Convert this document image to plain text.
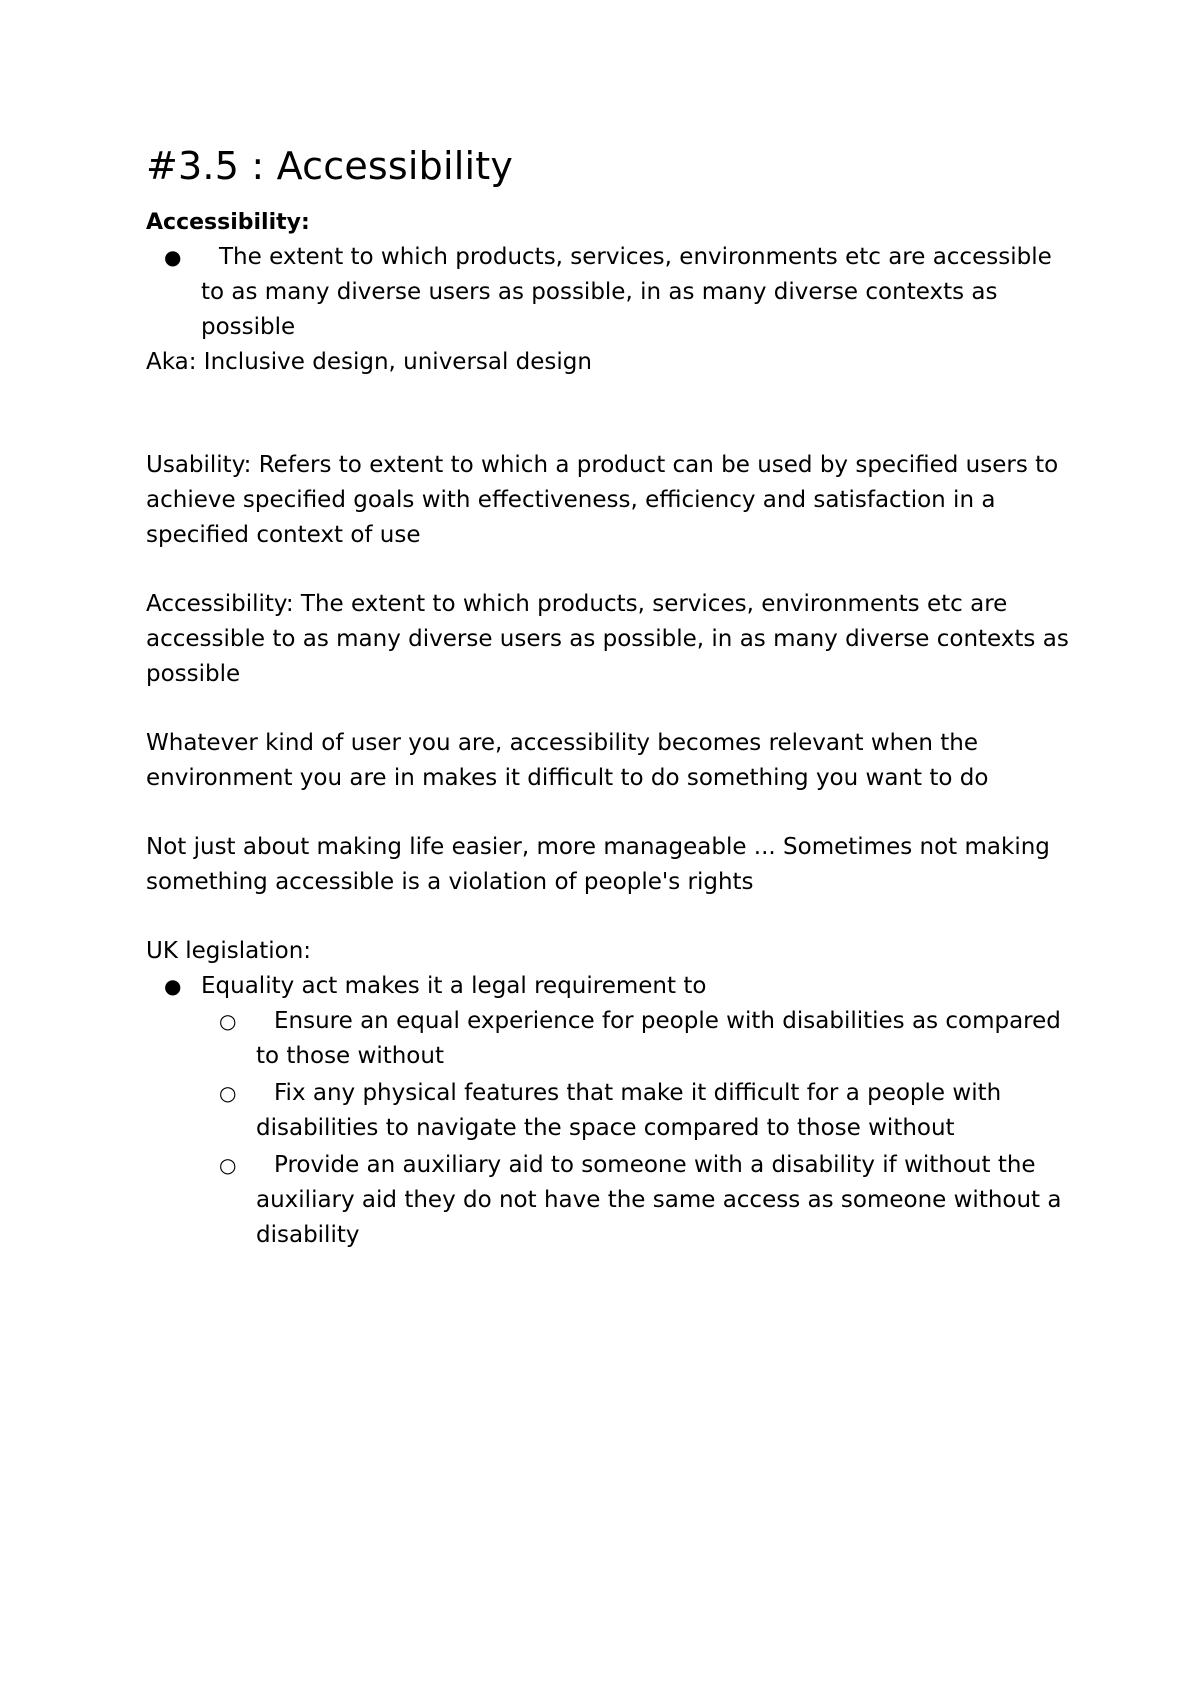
#3.5 : Accessibility
Accessibility:
● The extent to which products, services, environments etc are accessible to as many diverse users as possible, in as many diverse contexts as possible

Aka: Inclusive design, universal design

Usability: Refers to extent to which a product can be used by specified users to achieve specified goals with effectiveness, efficiency and satisfaction in a specified context of use

Accessibility: The extent to which products, services, environments etc are accessible to as many diverse users as possible, in as many diverse contexts as possible

Whatever kind of user you are, accessibility becomes relevant when the environment you are in makes it difficult to do something you want to do

Not just about making life easier, more manageable ... Sometimes not making something accessible is a violation of people's rights

UK legislation:
● Equality act makes it a legal requirement to
○ Ensure an equal experience for people with disabilities as compared to those without
○ Fix any physical features that make it difficult for a people with disabilities to navigate the space compared to those without
○ Provide an auxiliary aid to someone with a disability if without the auxiliary aid they do not have the same access as someone without a disability
